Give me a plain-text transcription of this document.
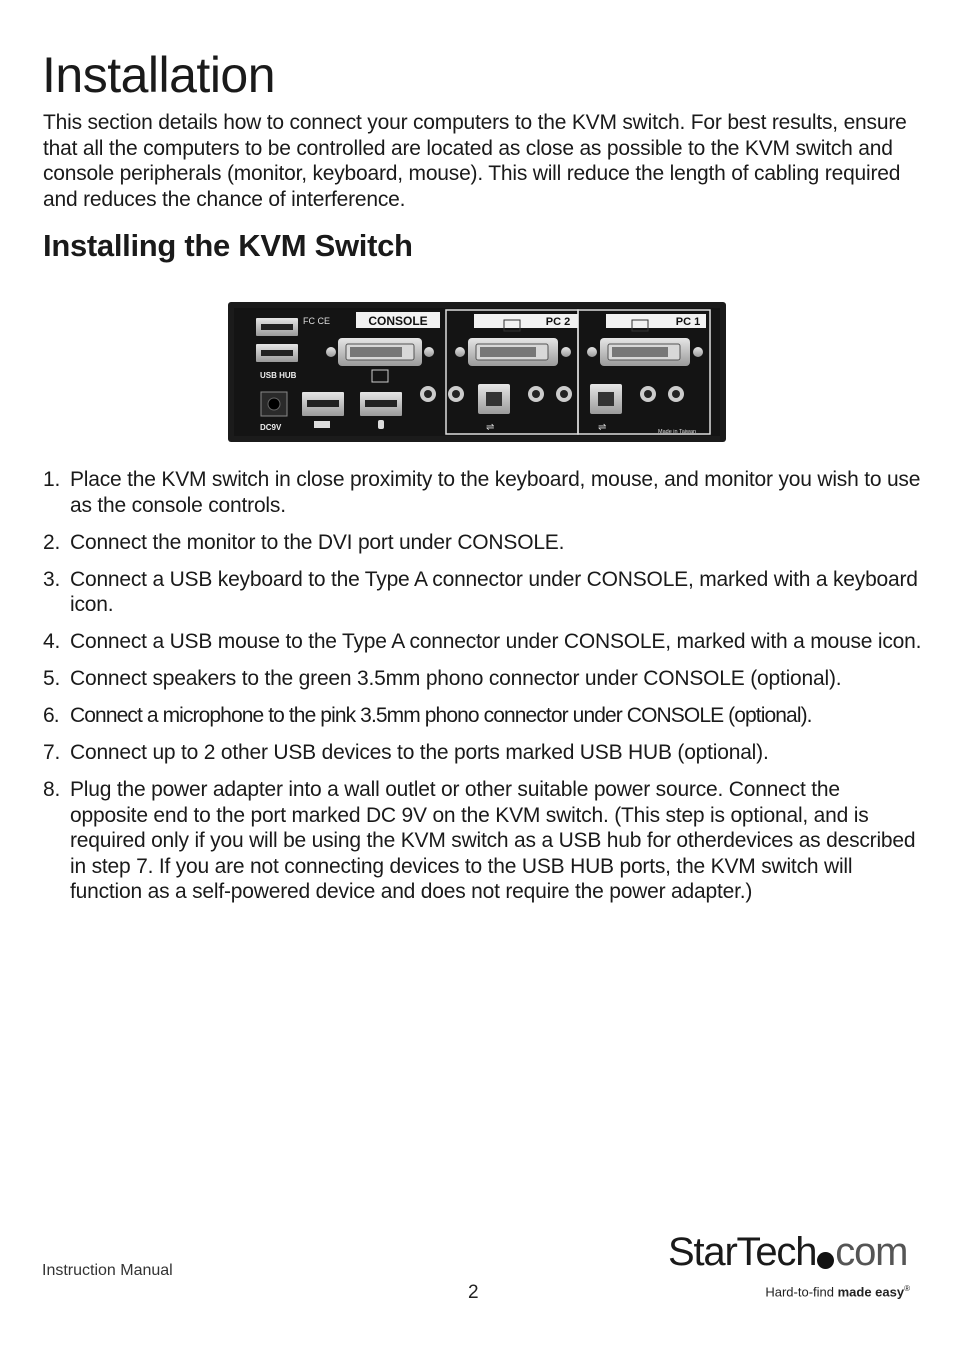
Installation

This section details how to connect your computers to the KVM switch. For best results, ensure that all the computers to be controlled are located as close as possible to the KVM switch and console peripherals (monitor, keyboard, mouse). This will reduce the length of cabling required and reduces the chance of interference.

Installing the KVM Switch
CONSOLE	PC 2	PC 1
FC CE
USB HUB
DC9V	Made in Taiwan
⇌	⇌
1. Place the KVM switch in close proximity to the keyboard, mouse, and monitor you wish to use as the console controls.
2. Connect the monitor to the DVI port under CONSOLE.
3. Connect a USB keyboard to the Type A connector under CONSOLE, marked with a keyboard icon.
4. Connect a USB mouse to the Type A connector under CONSOLE, marked with a mouse icon.
5. Connect speakers to the green 3.5mm phono connector under CONSOLE (optional).
6. Connect a microphone to the pink 3.5mm phono connector under CONSOLE (optional).
7. Connect up to 2 other USB devices to the ports marked USB HUB (optional).
8. Plug the power adapter into a wall outlet or other suitable power source. Connect the opposite end to the port marked DC 9V on the KVM switch. (This step is optional, and is required only if you will be using the KVM switch as a USB hub for otherdevices as described in step 7. If you are not connecting devices to the USB HUB ports, the KVM switch will function as a self-powered device and does not require the power adapter.)
Instruction Manual
2
StarTech com
Hard-to-find made easy®
